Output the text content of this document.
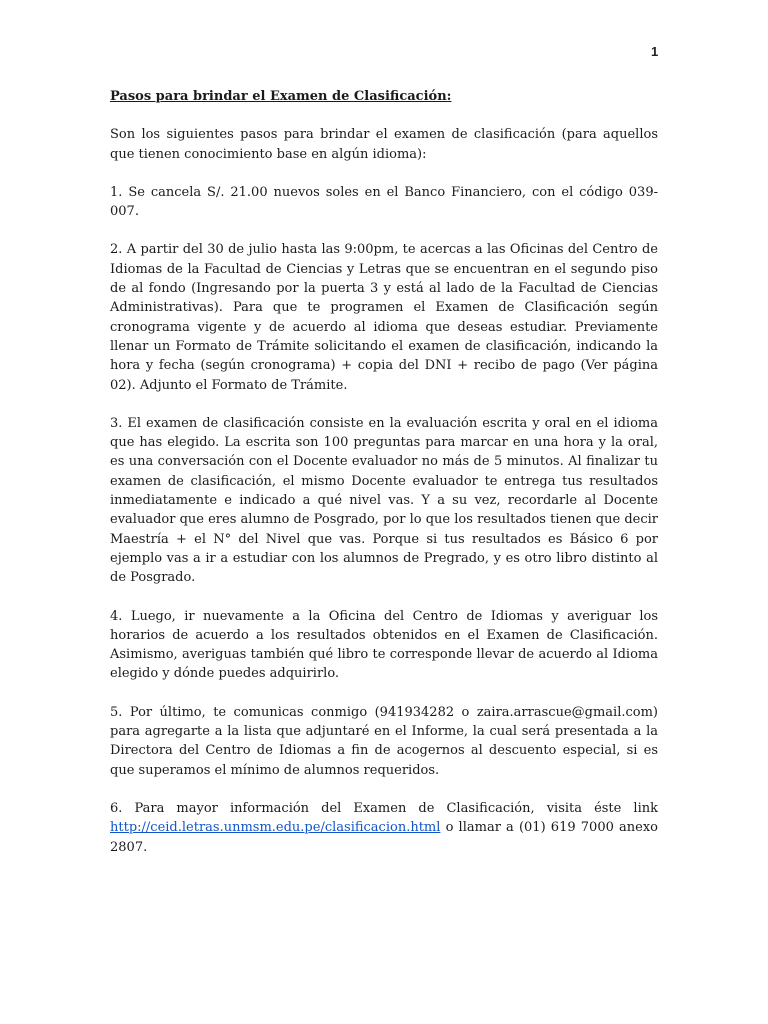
1
Pasos para brindar el Examen de Clasificación:

Son los siguientes pasos para brindar el examen de clasificación (para aquellos que tienen conocimiento base en algún idioma):

1. Se cancela S/. 21.00 nuevos soles en el Banco Financiero, con el código 039-007.

2. A partir del 30 de julio hasta las 9:00pm, te acercas a las Oficinas del Centro de Idiomas de la Facultad de Ciencias y Letras que se encuentran en el segundo piso de al fondo (Ingresando por la puerta 3 y está al lado de la Facultad de Ciencias Administrativas). Para que te programen el Examen de Clasificación según cronograma vigente y de acuerdo al idioma que deseas estudiar. Previamente llenar un Formato de Trámite solicitando el examen de clasificación, indicando la hora y fecha (según cronograma) + copia del DNI + recibo de pago (Ver página 02). Adjunto el Formato de Trámite.

3. El examen de clasificación consiste en la evaluación escrita y oral en el idioma que has elegido. La escrita son 100 preguntas para marcar en una hora y la oral, es una conversación con el Docente evaluador no más de 5 minutos. Al finalizar tu examen de clasificación, el mismo Docente evaluador te entrega tus resultados inmediatamente e indicado a qué nivel vas. Y a su vez, recordarle al Docente evaluador que eres alumno de Posgrado, por lo que los resultados tienen que decir Maestría + el N° del Nivel que vas. Porque si tus resultados es Básico 6 por ejemplo vas a ir a estudiar con los alumnos de Pregrado, y es otro libro distinto al de Posgrado.

4. Luego, ir nuevamente a la Oficina del Centro de Idiomas y averiguar los horarios de acuerdo a los resultados obtenidos en el Examen de Clasificación. Asimismo, averiguas también qué libro te corresponde llevar de acuerdo al Idioma elegido y dónde puedes adquirirlo.

5. Por último, te comunicas conmigo (941934282 o zaira.arrascue@gmail.com) para agregarte a la lista que adjuntaré en el Informe, la cual será presentada a la Directora del Centro de Idiomas a fin de acogernos al descuento especial, si es que superamos el mínimo de alumnos requeridos.

6. Para mayor información del Examen de Clasificación, visita éste link http://ceid.letras.unmsm.edu.pe/clasificacion.html o llamar a (01) 619 7000 anexo 2807.
